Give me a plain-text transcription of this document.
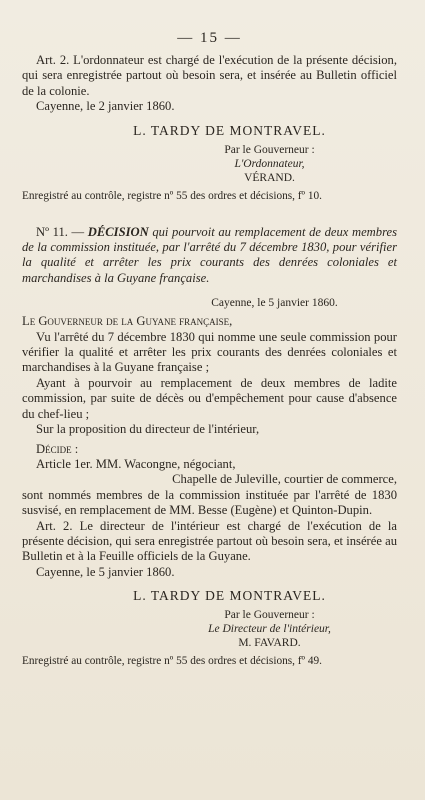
— 15 —

Art. 2. L'ordonnateur est chargé de l'exécution de la présente décision, qui sera enregistrée partout où besoin sera, et insérée au Bulletin officiel de la colonie.

Cayenne, le 2 janvier 1860.

L. TARDY DE MONTRAVEL.
Par le Gouverneur :
L'Ordonnateur,
VÉRAND.

Enregistré au contrôle, registre nº 55 des ordres et décisions, fº 10.

Nº 11. — DÉCISION qui pourvoit au remplacement de deux membres de la commission instituée, par l'arrêté du 7 décembre 1830, pour vérifier la qualité et arrêter les prix courants des denrées coloniales et marchandises à la Guyane française.

Cayenne, le 5 janvier 1860.

Le Gouverneur de la Guyane française,

Vu l'arrêté du 7 décembre 1830 qui nomme une seule commission pour vérifier la qualité et arrêter les prix courants des denrées coloniales et marchandises à la Guyane française ;

Ayant à pourvoir au remplacement de deux membres de ladite commission, par suite de décès ou d'empêchement pour cause d'absence du chef-lieu ;

Sur la proposition du directeur de l'intérieur,

Décide :

Article 1er. MM. Wacongne, négociant,

Chapelle de Juleville, courtier de commerce,

sont nommés membres de la commission instituée par l'arrêté de 1830 susvisé, en remplacement de MM. Besse (Eugène) et Quinton-Dupin.

Art. 2. Le directeur de l'intérieur est chargé de l'exécution de la présente décision, qui sera enregistrée partout où besoin sera, et insérée au Bulletin et à la Feuille officiels de la Guyane.

Cayenne, le 5 janvier 1860.

L. TARDY DE MONTRAVEL.
Par le Gouverneur :
Le Directeur de l'intérieur,
M. FAVARD.

Enregistré au contrôle, registre nº 55 des ordres et décisions, fº 49.
